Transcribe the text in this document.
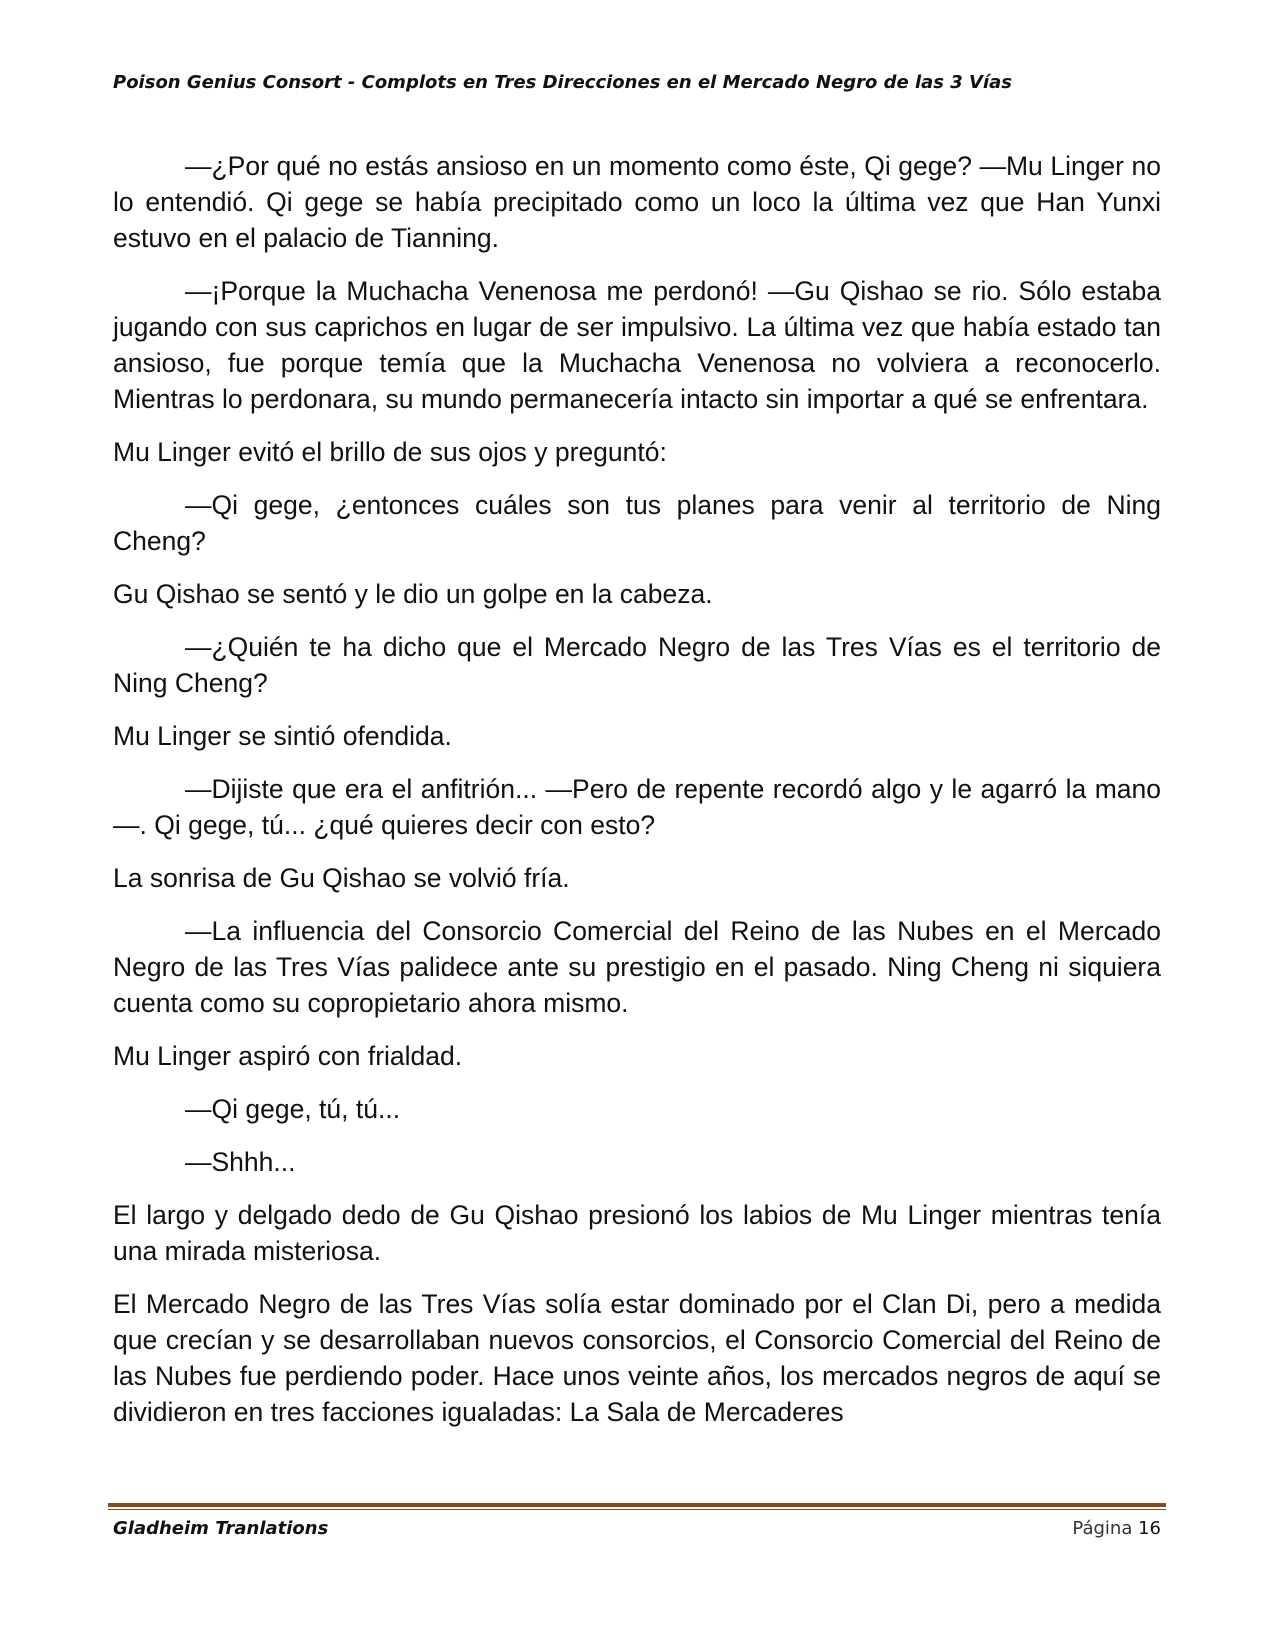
Poison Genius Consort - Complots en Tres Direcciones en el Mercado Negro de las 3 Vías

—¿Por qué no estás ansioso en un momento como éste, Qi gege? —Mu Linger no lo entendió. Qi gege se había precipitado como un loco la última vez que Han Yunxi estuvo en el palacio de Tianning.

—¡Porque la Muchacha Venenosa me perdonó! —Gu Qishao se rio. Sólo estaba jugando con sus caprichos en lugar de ser impulsivo. La última vez que había estado tan ansioso, fue porque temía que la Muchacha Venenosa no volviera a reconocerlo. Mientras lo perdonara, su mundo permanecería intacto sin importar a qué se enfrentara.

Mu Linger evitó el brillo de sus ojos y preguntó:

—Qi gege, ¿entonces cuáles son tus planes para venir al territorio de Ning Cheng?

Gu Qishao se sentó y le dio un golpe en la cabeza.

—¿Quién te ha dicho que el Mercado Negro de las Tres Vías es el territorio de Ning Cheng?

Mu Linger se sintió ofendida.

—Dijiste que era el anfitrión... —Pero de repente recordó algo y le agarró la mano—. Qi gege, tú... ¿qué quieres decir con esto?

La sonrisa de Gu Qishao se volvió fría.

—La influencia del Consorcio Comercial del Reino de las Nubes en el Mercado Negro de las Tres Vías palidece ante su prestigio en el pasado. Ning Cheng ni siquiera cuenta como su copropietario ahora mismo.

Mu Linger aspiró con frialdad.

—Qi gege, tú, tú...

—Shhh...

El largo y delgado dedo de Gu Qishao presionó los labios de Mu Linger mientras tenía una mirada misteriosa.

El Mercado Negro de las Tres Vías solía estar dominado por el Clan Di, pero a medida que crecían y se desarrollaban nuevos consorcios, el Consorcio Comercial del Reino de las Nubes fue perdiendo poder. Hace unos veinte años, los mercados negros de aquí se dividieron en tres facciones igualadas: La Sala de Mercaderes

Gladheim Tranlations	Página 16
